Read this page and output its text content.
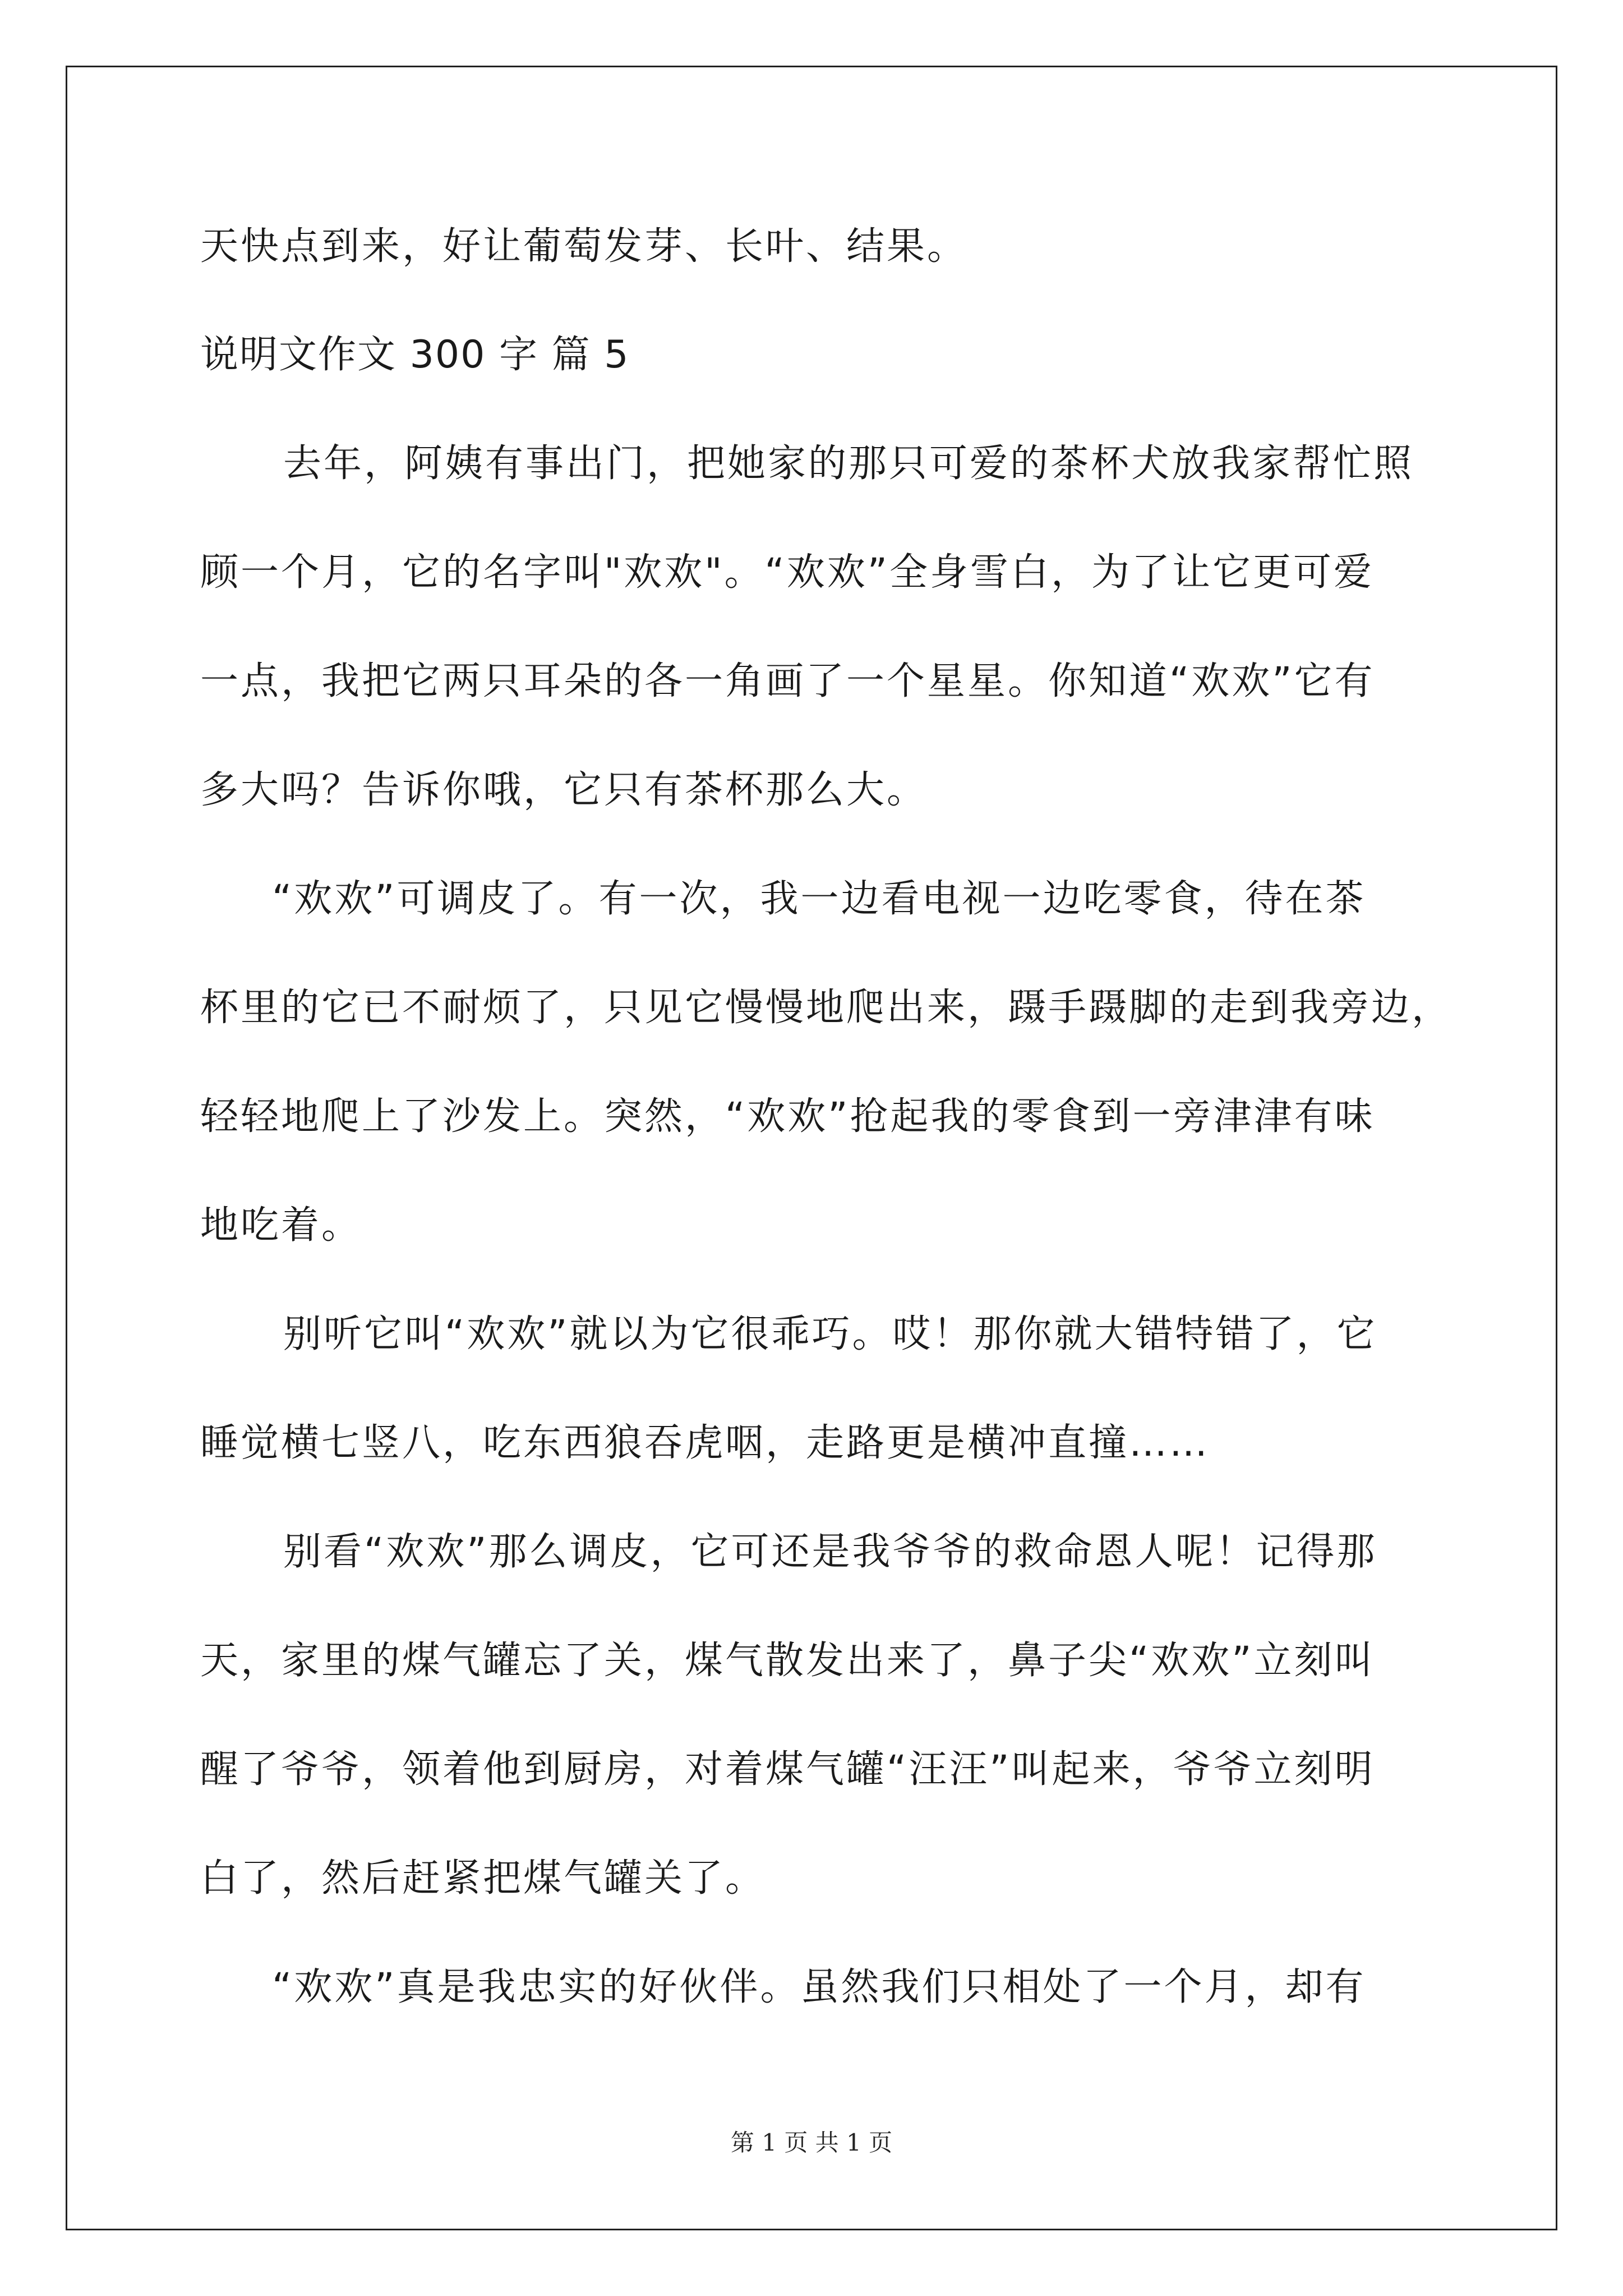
天快点到来，好让葡萄发芽、长叶、结果。
说明文作文 300 字 篇 5
去年，阿姨有事出门，把她家的那只可爱的茶杯犬放我家帮忙照
顾一个月，它的名字叫"欢欢"。“欢欢”全身雪白，为了让它更可爱
一点，我把它两只耳朵的各一角画了一个星星。你知道“欢欢”它有
多大吗？告诉你哦，它只有茶杯那么大。
“欢欢”可调皮了。有一次，我一边看电视一边吃零食，待在茶
杯里的它已不耐烦了，只见它慢慢地爬出来，蹑手蹑脚的走到我旁边，
轻轻地爬上了沙发上。突然，“欢欢”抢起我的零食到一旁津津有味
地吃着。
别听它叫“欢欢”就以为它很乖巧。哎！那你就大错特错了，它
睡觉横七竖八，吃东西狼吞虎咽，走路更是横冲直撞……
别看“欢欢”那么调皮，它可还是我爷爷的救命恩人呢！记得那
天，家里的煤气罐忘了关，煤气散发出来了，鼻子尖“欢欢”立刻叫
醒了爷爷，领着他到厨房，对着煤气罐“汪汪”叫起来，爷爷立刻明
白了，然后赶紧把煤气罐关了。
“欢欢”真是我忠实的好伙伴。虽然我们只相处了一个月，却有
第 1 页 共 1 页
